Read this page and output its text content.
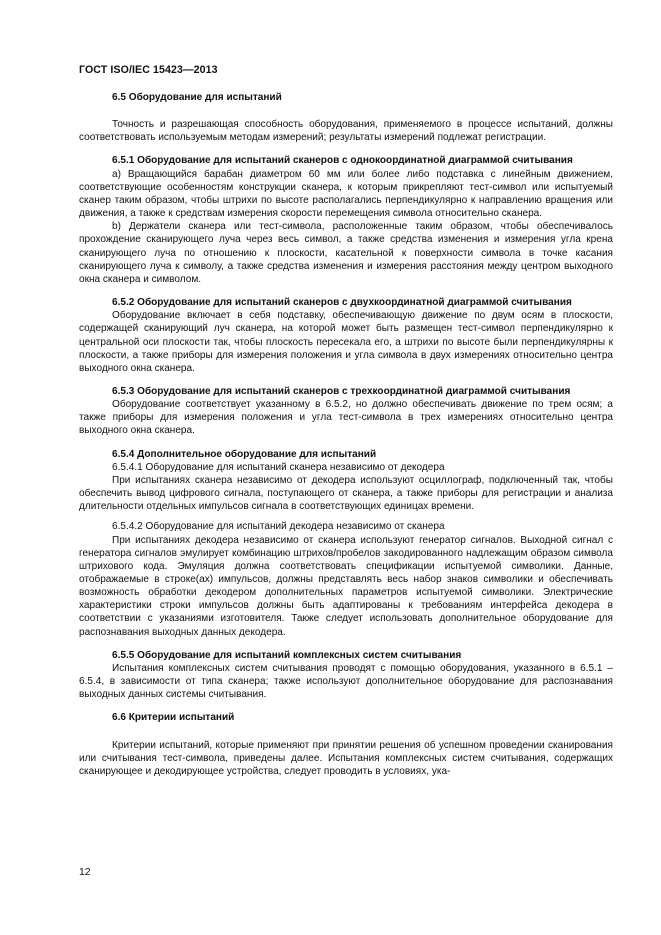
ГОСТ ISO/IEC 15423—2013

6.5 Оборудование для испытаний

Точность и разрешающая способность оборудования, применяемого в процессе испытаний, должны соответствовать используемым методам измерений; результаты измерений подлежат регистрации.

6.5.1 Оборудование для испытаний сканеров с однокоординатной диаграммой считывания

а) Вращающийся барабан диаметром 60 мм или более либо подставка с линейным движением, соответствующие особенностям конструкции сканера, к которым прикрепляют тест-символ или испытуемый сканер таким образом, чтобы штрихи по высоте располагались перпендикулярно к направлению вращения или движения, а также к средствам измерения скорости перемещения символа относительно сканера.

b) Держатели сканера или тест-символа, расположенные таким образом, чтобы обеспечивалось прохождение сканирующего луча через весь символ, а также средства изменения и измерения угла крена сканирующего луча по отношению к плоскости, касательной к поверхности символа в точке касания сканирующего луча к символу, а также средства изменения и измерения расстояния между центром выходного окна сканера и символом.

6.5.2 Оборудование для испытаний сканеров с двухкоординатной диаграммой считывания

Оборудование включает в себя подставку, обеспечивающую движение по двум осям в плоскости, содержащей сканирующий луч сканера, на которой может быть размещен тест-символ перпендикулярно к центральной оси плоскости так, чтобы плоскость пересекала его, а штрихи по высоте были перпендикулярны к плоскости, а также приборы для измерения положения и угла символа в двух измерениях относительно центра выходного окна сканера.

6.5.3 Оборудование для испытаний сканеров с трехкоординатной диаграммой считывания

Оборудование соответствует указанному в 6.5.2, но должно обеспечивать движение по трем осям; а также приборы для измерения положения и угла тест-символа в трех измерениях относительно центра выходного окна сканера.

6.5.4 Дополнительное оборудование для испытаний

6.5.4.1 Оборудование для испытаний сканера независимо от декодера

При испытаниях сканера независимо от декодера используют осциллограф, подключенный так, чтобы обеспечить вывод цифрового сигнала, поступающего от сканера, а также приборы для регистрации и анализа длительности отдельных импульсов сигнала в соответствующих единицах времени.

6.5.4.2 Оборудование для испытаний декодера независимо от сканера

При испытаниях декодера независимо от сканера используют генератор сигналов. Выходной сигнал с генератора сигналов эмулирует комбинацию штрихов/пробелов закодированного надлежащим образом символа штрихового кода. Эмуляция должна соответствовать спецификации испытуемой символики. Данные, отображаемые в строке(ах) импульсов, должны представлять весь набор знаков символики и обеспечивать возможность обработки декодером дополнительных параметров испытуемой символики. Электрические характеристики строки импульсов должны быть адаптированы к требованиям интерфейса декодера в соответствии с указаниями изготовителя. Также следует использовать дополнительное оборудование для распознавания выходных данных декодера.

6.5.5 Оборудование для испытаний комплексных систем считывания

Испытания комплексных систем считывания проводят с помощью оборудования, указанного в 6.5.1 – 6.5.4, в зависимости от типа сканера; также используют дополнительное оборудование для распознавания выходных данных системы считывания.

6.6 Критерии испытаний

Критерии испытаний, которые применяют при принятии решения об успешном проведении сканирования или считывания тест-символа, приведены далее. Испытания комплексных систем считывания, содержащих сканирующее и декодирующее устройства, следует проводить в условиях, ука-

12
